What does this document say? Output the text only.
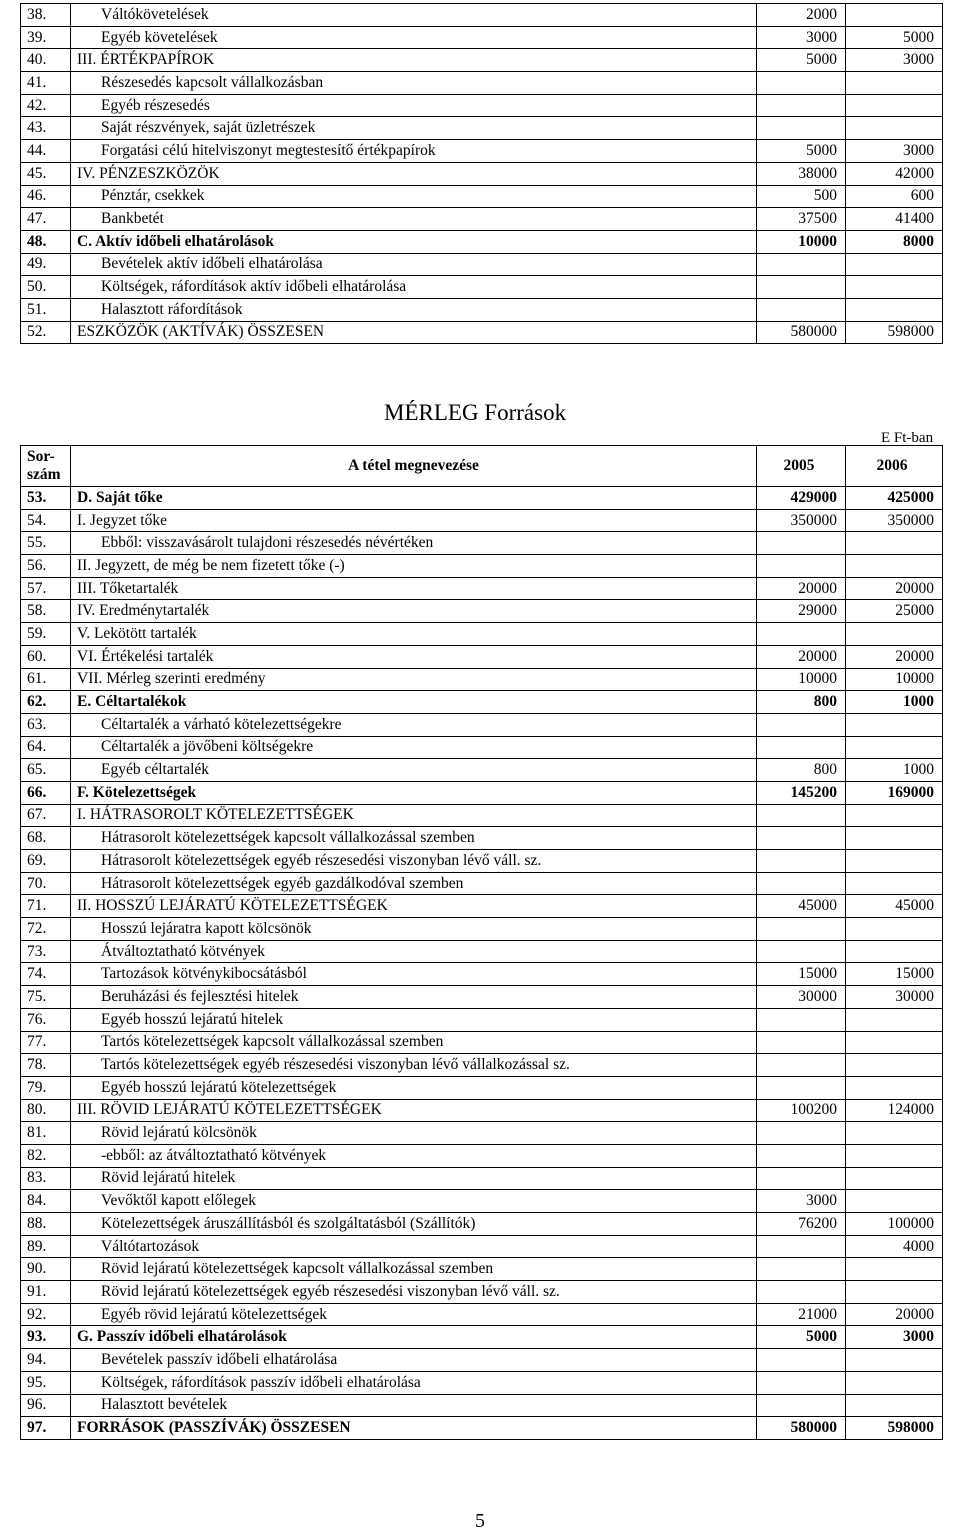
38.	Váltókövetelések	2000	
39.	Egyéb követelések	3000	5000
40.	III. ÉRTÉKPAPÍROK	5000	3000
41.	Részesedés kapcsolt vállalkozásban		
42.	Egyéb részesedés		
43.	Saját részvények, saját üzletrészek		
44.	Forgatási célú hitelviszonyt megtestesítő értékpapírok	5000	3000
45.	IV. PÉNZESZKÖZÖK	38000	42000
46.	Pénztár, csekkek	500	600
47.	Bankbetét	37500	41400
48.	C. Aktív időbeli elhatárolások	10000	8000
49.	Bevételek aktív időbeli elhatárolása		
50.	Költségek, ráfordítások aktív időbeli elhatárolása		
51.	Halasztott ráfordítások		
52.	ESZKÖZÖK (AKTÍVÁK) ÖSSZESEN	580000	598000
MÉRLEG Források
E Ft-ban
Sor-
szám	A tétel megnevezése	2005	2006
53.	D. Saját tőke	429000	425000
54.	I. Jegyzet tőke	350000	350000
55.	Ebből: visszavásárolt tulajdoni részesedés névértéken		
56.	II. Jegyzett, de még be nem fizetett tőke (-)		
57.	III. Tőketartalék	20000	20000
58.	IV. Eredménytartalék	29000	25000
59.	V. Lekötött tartalék		
60.	VI. Értékelési tartalék	20000	20000
61.	VII. Mérleg szerinti eredmény	10000	10000
62.	E. Céltartalékok	800	1000
63.	Céltartalék a várható kötelezettségekre		
64.	Céltartalék a jövőbeni költségekre		
65.	Egyéb céltartalék	800	1000
66.	F. Kötelezettségek	145200	169000
67.	I. HÁTRASOROLT KÖTELEZETTSÉGEK		
68.	Hátrasorolt kötelezettségek kapcsolt vállalkozással szemben		
69.	Hátrasorolt kötelezettségek egyéb részesedési viszonyban lévő váll. sz.		
70.	Hátrasorolt kötelezettségek egyéb gazdálkodóval szemben		
71.	II. HOSSZÚ LEJÁRATÚ KÖTELEZETTSÉGEK	45000	45000
72.	Hosszú lejáratra kapott kölcsönök		
73.	Átváltoztatható kötvények		
74.	Tartozások kötvénykibocsátásból	15000	15000
75.	Beruházási és fejlesztési hitelek	30000	30000
76.	Egyéb hosszú lejáratú hitelek		
77.	Tartós kötelezettségek kapcsolt vállalkozással szemben		
78.	Tartós kötelezettségek egyéb részesedési viszonyban lévő vállalkozással sz.		
79.	Egyéb hosszú lejáratú kötelezettségek		
80.	III. RÖVID LEJÁRATÚ KÖTELEZETTSÉGEK	100200	124000
81.	Rövid lejáratú kölcsönök		
82.	-ebből: az átváltoztatható kötvények		
83.	Rövid lejáratú hitelek		
84.	Vevőktől kapott előlegek	3000	
88.	Kötelezettségek áruszállításból és szolgáltatásból (Szállítók)	76200	100000
89.	Váltótartozások		4000
90.	Rövid lejáratú kötelezettségek kapcsolt vállalkozással szemben		
91.	Rövid lejáratú kötelezettségek egyéb részesedési viszonyban lévő váll. sz.		
92.	Egyéb rövid lejáratú kötelezettségek	21000	20000
93.	G. Passzív időbeli elhatárolások	5000	3000
94.	Bevételek passzív időbeli elhatárolása		
95.	Költségek, ráfordítások passzív időbeli elhatárolása		
96.	Halasztott bevételek		
97.	FORRÁSOK (PASSZÍVÁK) ÖSSZESEN	580000	598000
5
